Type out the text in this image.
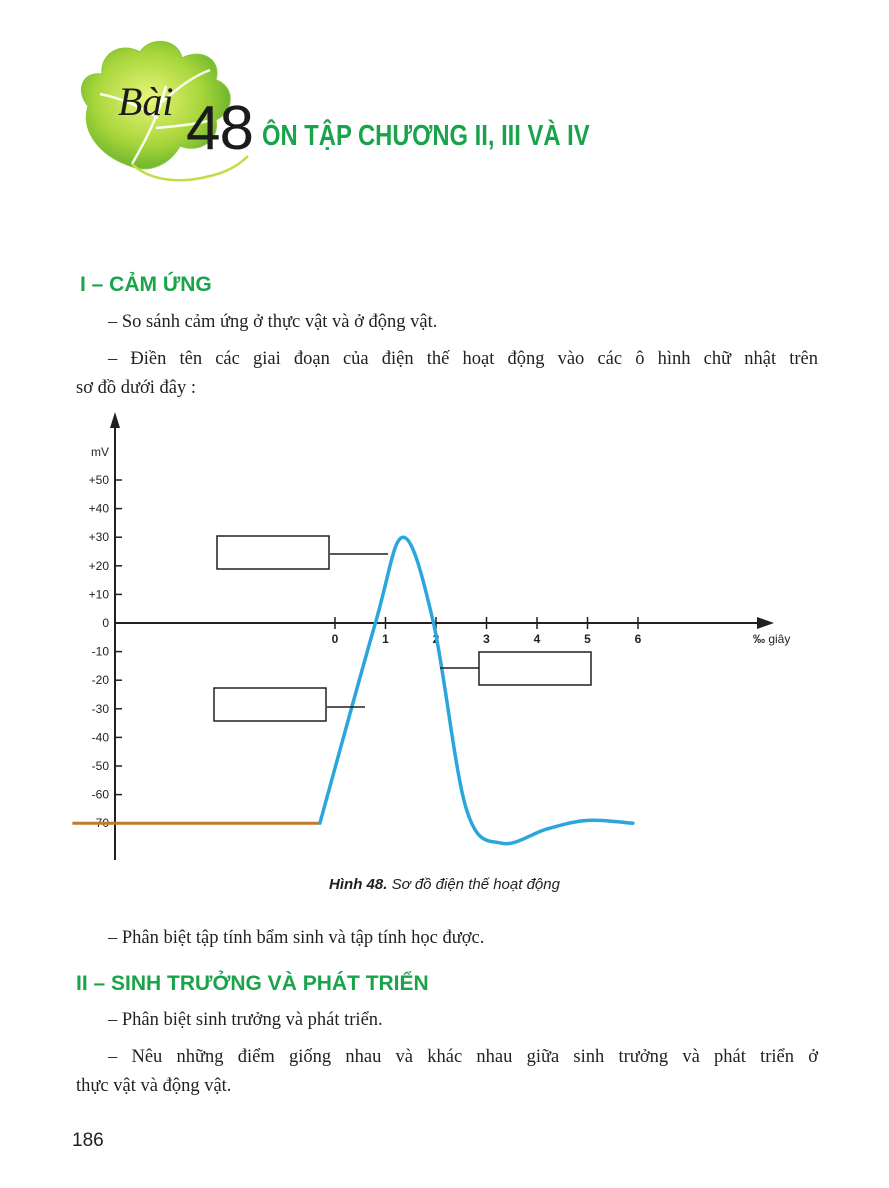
Bài 48 ÔN TẬP CHƯƠNG II, III VÀ IV
I – CẢM ỨNG
– So sánh cảm ứng ở thực vật và ở động vật.
– Điền tên các giai đoạn của điện thế hoạt động vào các ô hình chữ nhật trên
sơ đồ dưới đây :
mV
+50
+40
+30
+20
+10
0
-10
-20
-30
-40
-50
-60
-70
0	1	2	3	4	5	6	‰ giây
Hình 48. Sơ đồ điện thế hoạt động
– Phân biệt tập tính bẩm sinh và tập tính học được.
II – SINH TRƯỞNG VÀ PHÁT TRIỂN
– Phân biệt sinh trưởng và phát triển.
– Nêu những điểm giống nhau và khác nhau giữa sinh trưởng và phát triển ở
thực vật và động vật.
186
